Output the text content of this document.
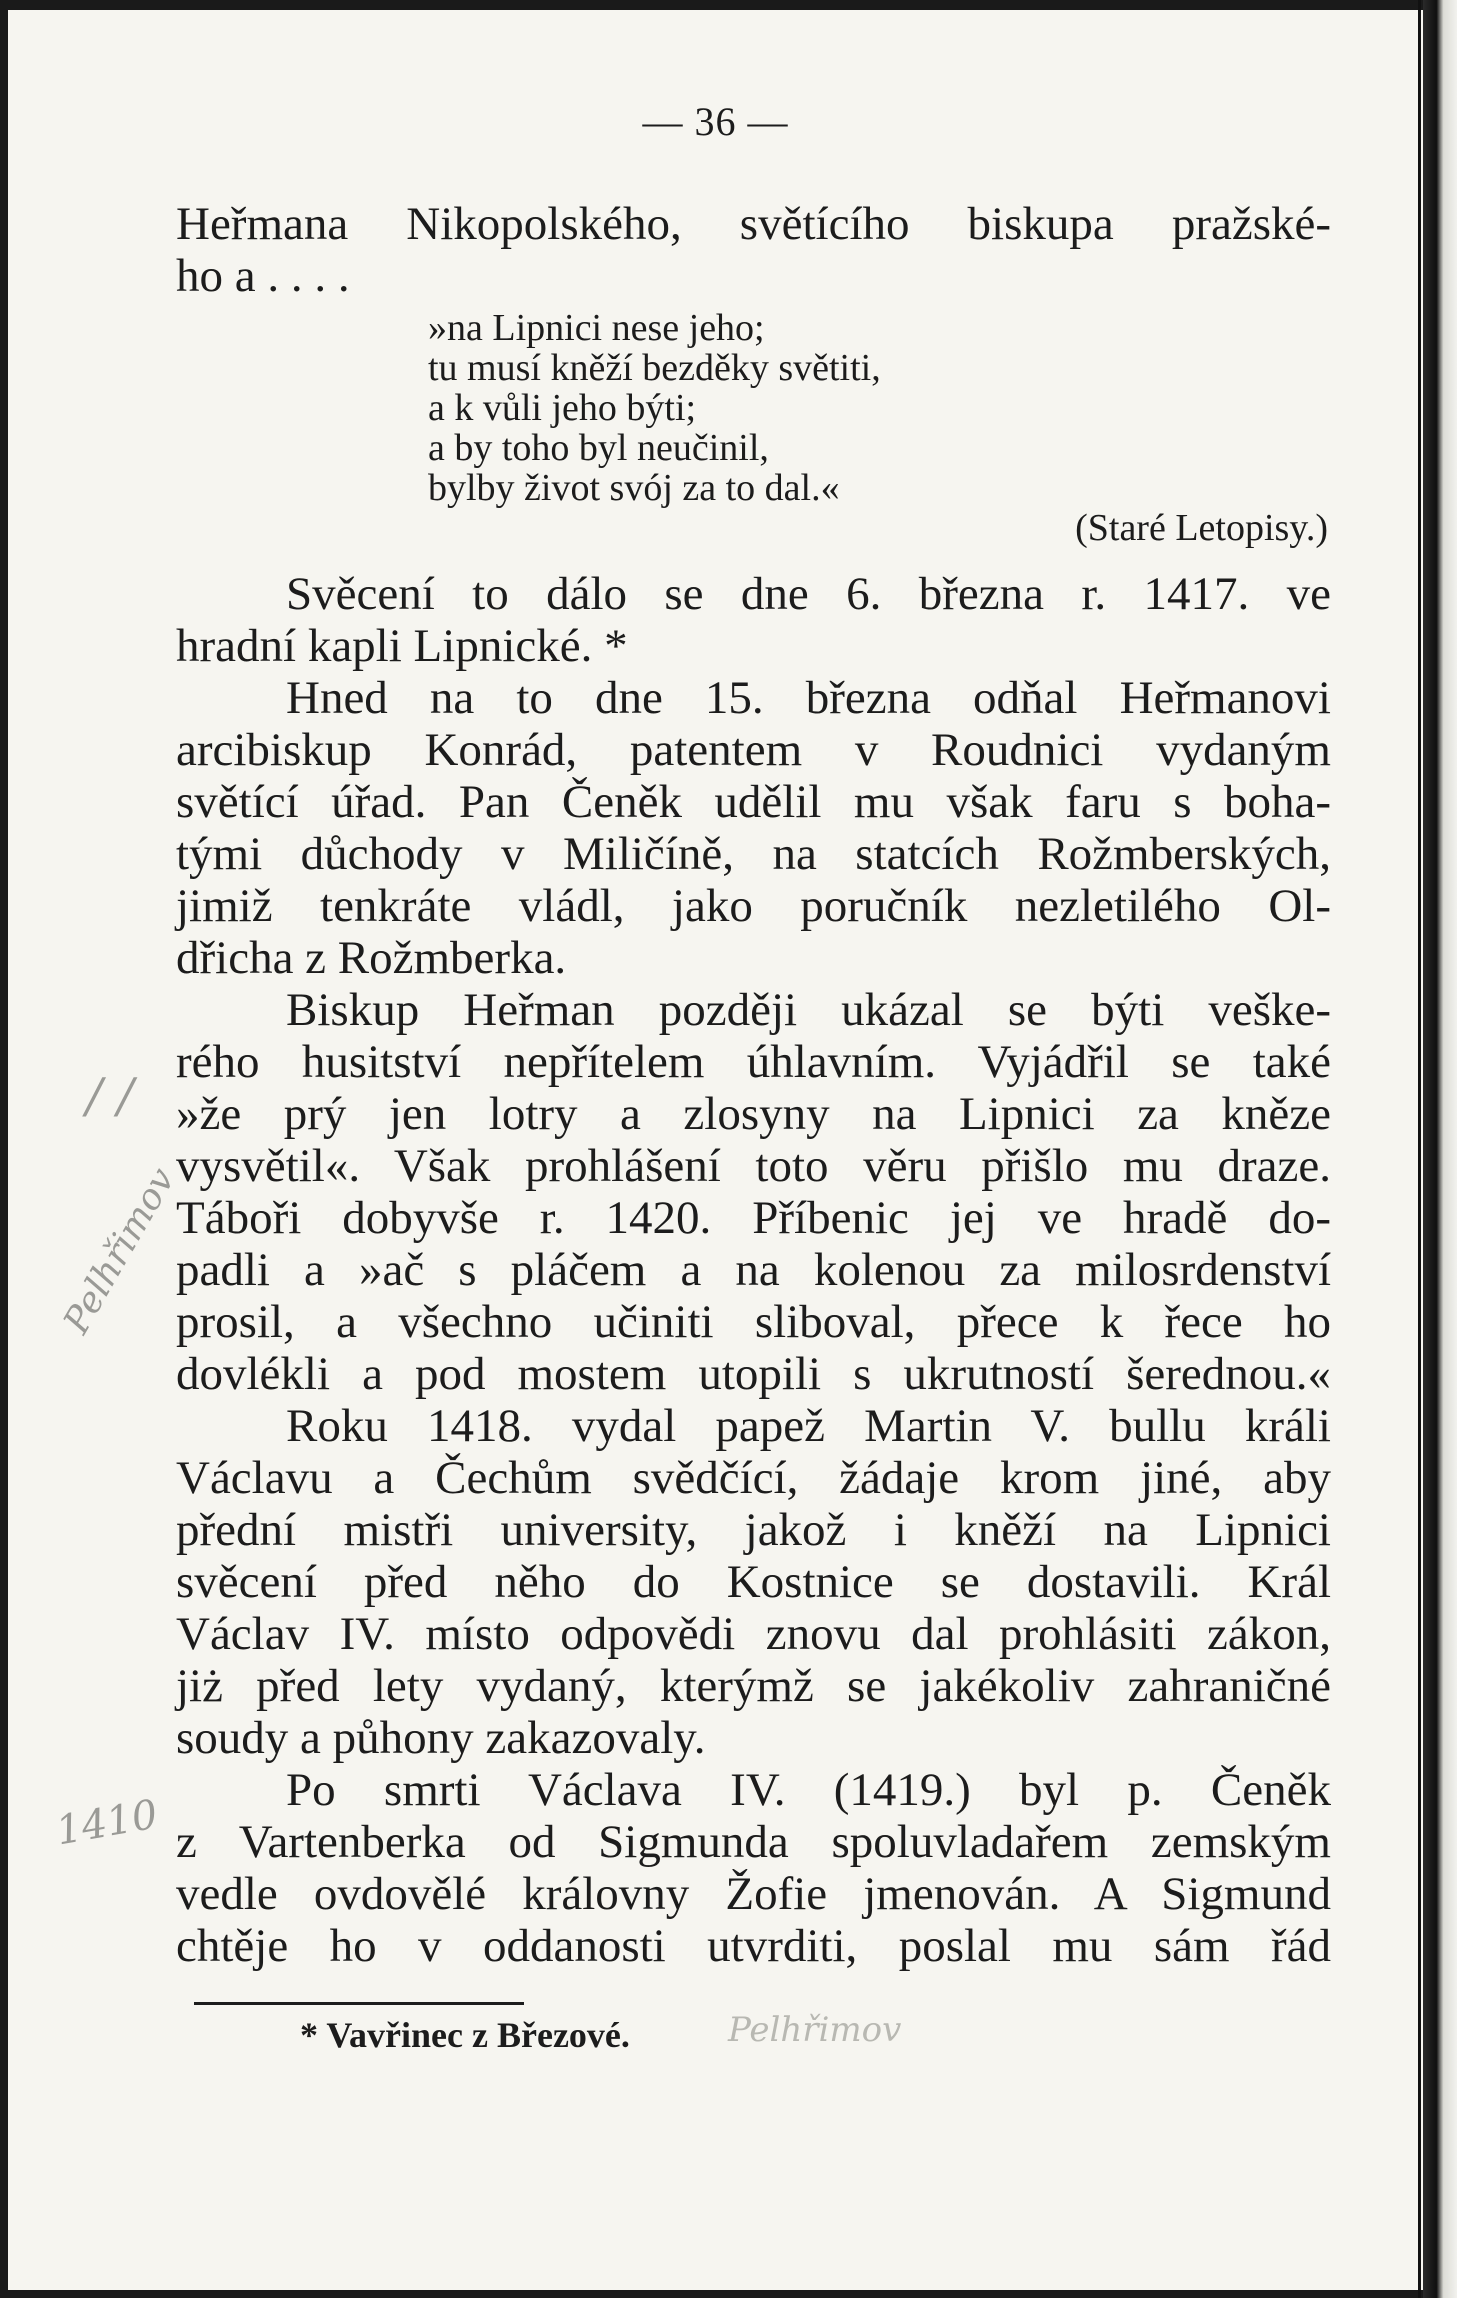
— 36 —
Heřmana Nikopolského, světícího biskupa pražské-
ho a . . . .
»na Lipnici nese jeho;
tu musí kněží bezděky světiti,
a k vůli jeho býti;
a by toho byl neučinil,
bylby život svój za to dal.«
(Staré Letopisy.)
Svěcení to dálo se dne 6. března r. 1417. ve
hradní kapli Lipnické. *
Hned na to dne 15. března odňal Heřmanovi
arcibiskup Konrád, patentem v Roudnici vydaným
světící úřad. Pan Čeněk udělil mu však faru s boha-
tými důchody v Miličíně, na statcích Rožmberských,
jimiž tenkráte vládl, jako poručník nezletilého Ol-
dřicha z Rožmberka.
Biskup Heřman později ukázal se býti veške-
rého husitství nepřítelem úhlavním. Vyjádřil se také
»že prý jen lotry a zlosyny na Lipnici za kněze
vysvětil«. Však prohlášení toto věru přišlo mu draze.
Táboři dobyvše r. 1420. Příbenic jej ve hradě do-
padli a »ač s pláčem a na kolenou za milosrdenství
prosil, a všechno učiniti sliboval, přece k řece ho
dovlékli a pod mostem utopili s ukrutností šerednou.«
Roku 1418. vydal papež Martin V. bullu králi
Václavu a Čechům svědčící, žádaje krom jiné, aby
přední mistři university, jakož i kněží na Lipnici
svěcení před něho do Kostnice se dostavili. Král
Václav IV. místo odpovědi znovu dal prohlásiti zákon,
jiż před lety vydaný, kterýmž se jakékoliv zahraničné
soudy a půhony zakazovaly.
Po smrti Václava IV. (1419.) byl p. Čeněk
z Vartenberka od Sigmunda spoluvladařem zemským
vedle ovdovělé královny Žofie jmenován. A Sigmund
chtěje ho v oddanosti utvrditi, poslal mu sám řád
* Vavřinec z Březové.
/ /
Pelhřimov
1410
Pelhřimov
